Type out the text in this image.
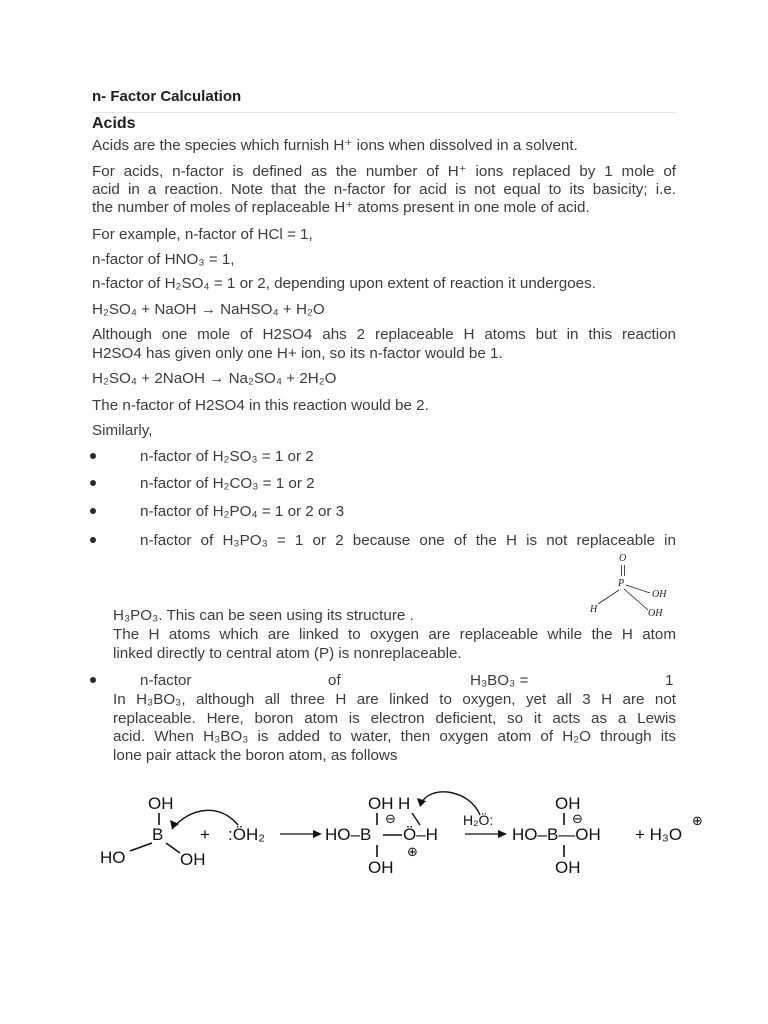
n- Factor Calculation
Acids
Acids are the species which furnish H⁺ ions when dissolved in a solvent.
For acids, n-factor is defined as the number of H⁺ ions replaced by 1 mole of
acid in a reaction. Note that the n-factor for acid is not equal to its basicity; i.e.
the number of moles of replaceable H⁺ atoms present in one mole of acid.
For example, n-factor of HCl = 1,
n-factor of HNO₃ = 1,
n-factor of H₂SO₄ = 1 or 2, depending upon extent of reaction it undergoes.
H₂SO₄ + NaOH → NaHSO₄ + H₂O
Although one mole of H2SO4 ahs 2 replaceable H atoms but in this reaction
H2SO4 has given only one H+ ion, so its n-factor would be 1.
H₂SO₄ + 2NaOH → Na₂SO₄ + 2H₂O
The n-factor of H2SO4 in this reaction would be 2.
Similarly,
n-factor of H₂SO₃ = 1 or 2
n-factor of H₂CO₃ = 1 or 2
n-factor of H₂PO₄ = 1 or 2 or 3
n-factor of H₃PO₃ = 1 or 2 because one of the H is not replaceable in
O
P
OH
OH
H
H₃PO₃. This can be seen using its structure .
The H atoms which are linked to oxygen are replaceable while the H atom
linked directly to central atom (P) is nonreplaceable.
n-factor	of	H₃BO₃ =	1
In H₃BO₃, although all three H are linked to oxygen, yet all 3 H are not
replaceable. Here, boron atom is electron deficient, so it acts as a Lewis
acid. When H₃BO₃ is added to water, then oxygen atom of H₂O through its
lone pair attack the boron atom, as follows
OH
B
HO	OH
+ :ÖH₂
OH H
HO–B Ö–H
⊖
⊕
OH
H₂Ö:
OH
HO–B—OH
⊖
OH
+ H₃O
⊕
